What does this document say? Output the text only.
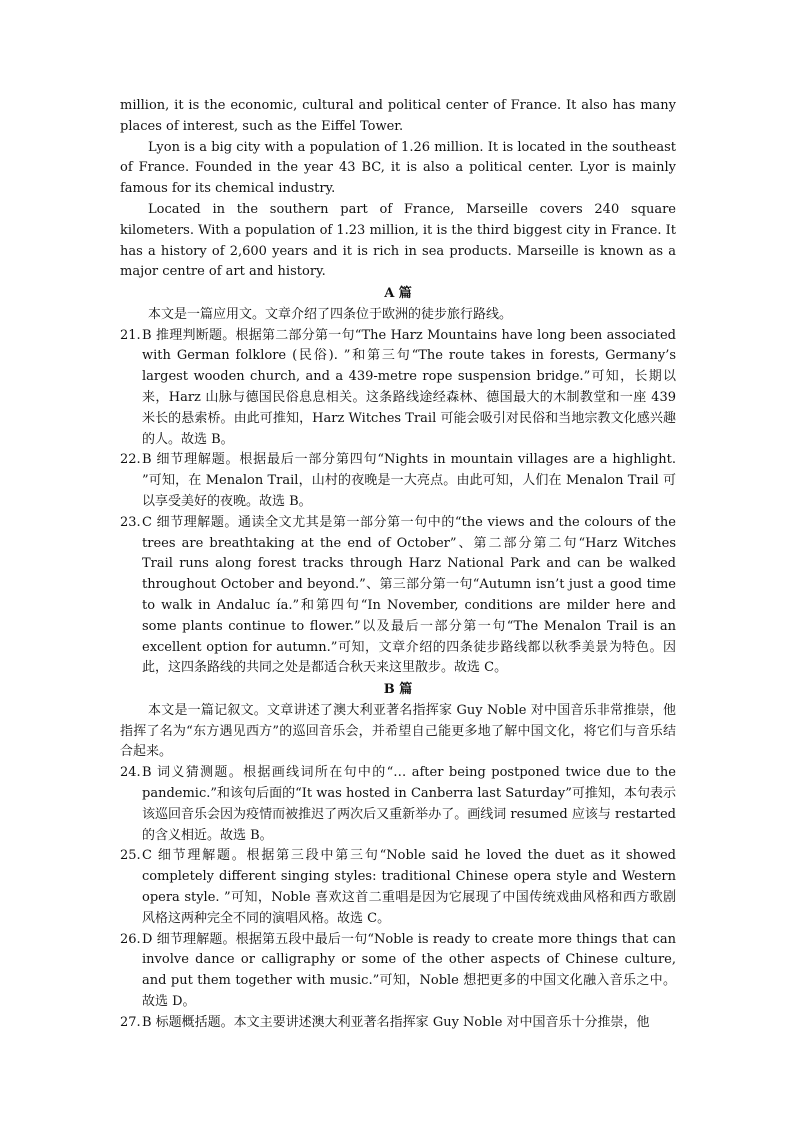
million, it is the economic, cultural and political center of France. It also has many places of interest, such as the Eiffel Tower.

Lyon is a big city with a population of 1.26 million. It is located in the southeast of France. Founded in the year 43 BC, it is also a political center. Lyor is mainly famous for its chemical industry.

Located in the southern part of France, Marseille covers 240 square kilometers. With a population of 1.23 million, it is the third biggest city in France. It has a history of 2,600 years and it is rich in sea products. Marseille is known as a major centre of art and history.

A 篇

本文是一篇应用文。文章介绍了四条位于欧洲的徒步旅行路线。

21. B 推理判断题。根据第二部分第一句“The Harz Mountains have long been associated with German folklore (民俗). ”和第三句“The route takes in forests, Germany’s largest wooden church, and a 439-metre rope suspension bridge.”可知，长期以来，Harz 山脉与德国民俗息息相关。这条路线途经森林、德国最大的木制教堂和一座 439 米长的悬索桥。由此可推知，Harz Witches Trail 可能会吸引对民俗和当地宗教文化感兴趣的人。故选 B。
22. B 细节理解题。根据最后一部分第四句“Nights in mountain villages are a highlight. ”可知，在 Menalon Trail，山村的夜晚是一大亮点。由此可知，人们在 Menalon Trail 可以享受美好的夜晚。故选 B。
23. C 细节理解题。通读全文尤其是第一部分第一句中的“the views and the colours of the trees are breathtaking at the end of October”、第二部分第二句“Harz Witches Trail runs along forest tracks through Harz National Park and can be walked throughout October and beyond.”、第三部分第一句“Autumn isn’t just a good time to walk in Andaluc ía.”和第四句“In November, conditions are milder here and some plants continue to flower.”以及最后一部分第一句“The Menalon Trail is an excellent option for autumn.”可知，文章介绍的四条徒步路线都以秋季美景为特色。因此，这四条路线的共同之处是都适合秋天来这里散步。故选 C。

B 篇

本文是一篇记叙文。文章讲述了澳大利亚著名指挥家 Guy Noble 对中国音乐非常推崇，他指挥了名为“东方遇见西方”的巡回音乐会，并希望自己能更多地了解中国文化，将它们与音乐结合起来。

24. B 词义猜测题。根据画线词所在句中的“… after being postponed twice due to the pandemic.”和该句后面的“It was hosted in Canberra last Saturday”可推知，本句表示该巡回音乐会因为疫情而被推迟了两次后又重新举办了。画线词 resumed 应该与 restarted 的含义相近。故选 B。
25. C 细节理解题。根据第三段中第三句“Noble said he loved the duet as it showed completely different singing styles: traditional Chinese opera style and Western opera style. ”可知，Noble 喜欢这首二重唱是因为它展现了中国传统戏曲风格和西方歌剧风格这两种完全不同的演唱风格。故选 C。
26. D 细节理解题。根据第五段中最后一句“Noble is ready to create more things that can involve dance or calligraphy or some of the other aspects of Chinese culture, and put them together with music.”可知，Noble 想把更多的中国文化融入音乐之中。故选 D。
27. B 标题概括题。本文主要讲述澳大利亚著名指挥家 Guy Noble 对中国音乐十分推崇，他
